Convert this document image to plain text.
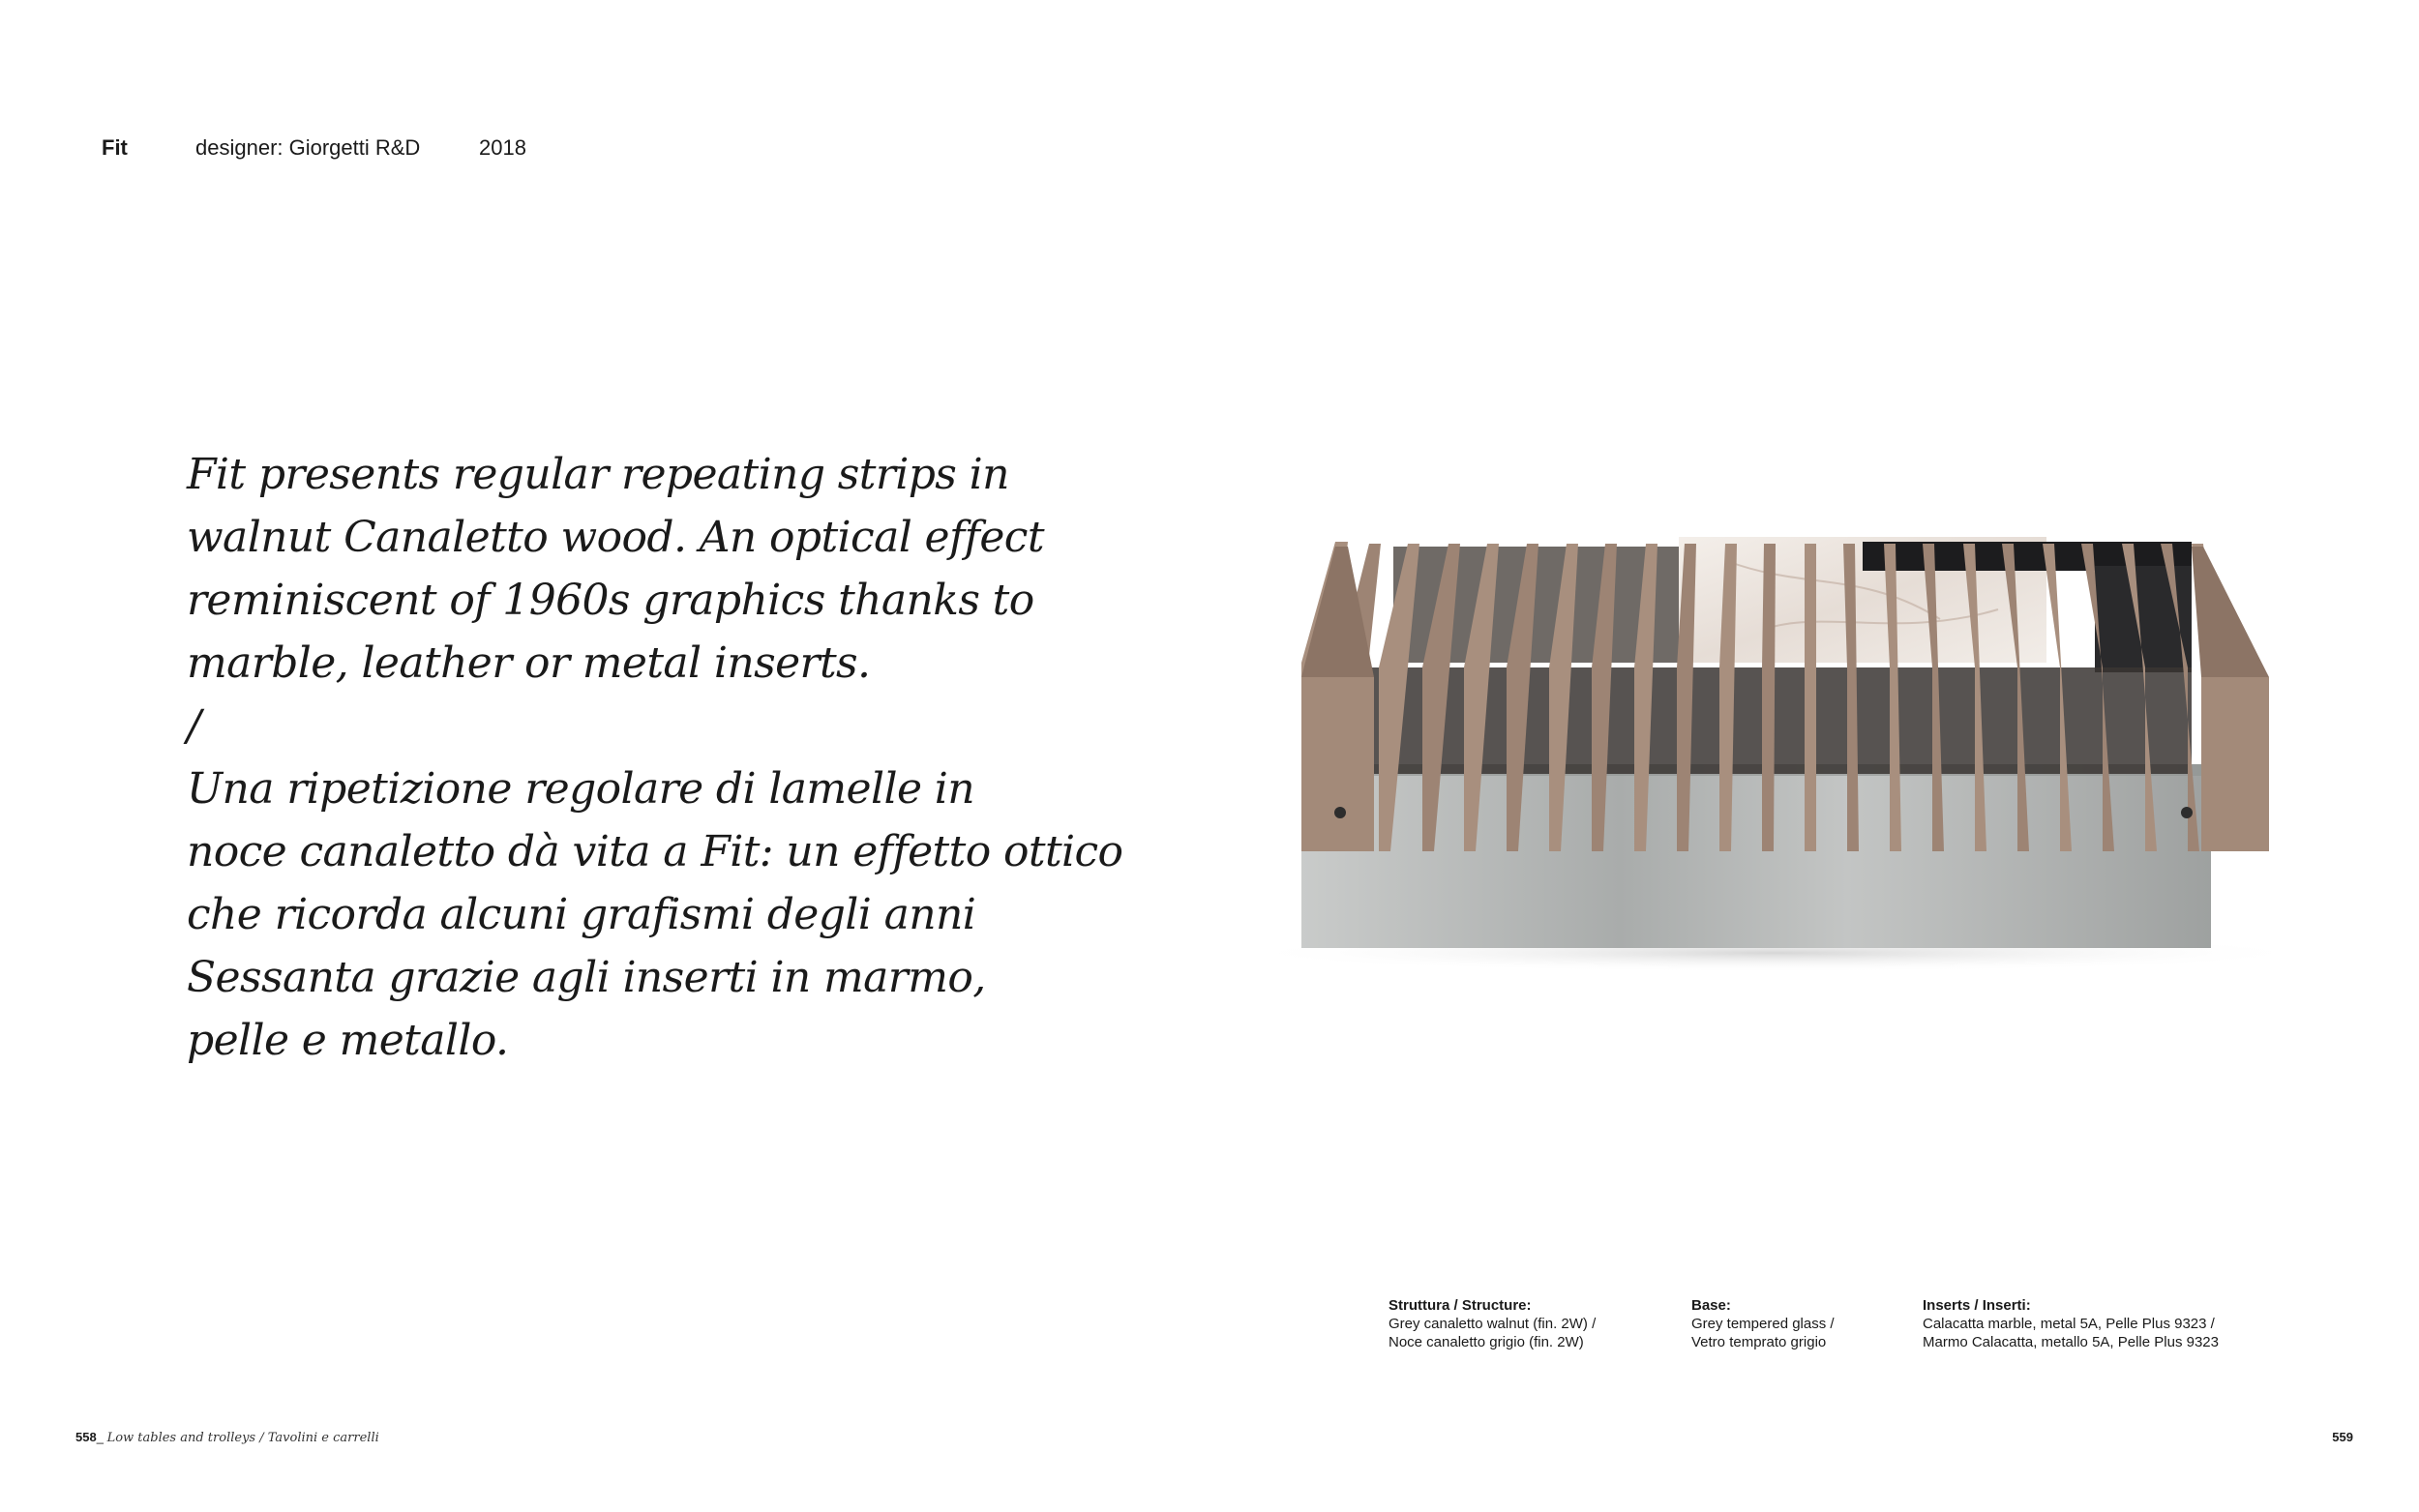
Fit	designer: Giorgetti R&D	2018
Fit presents regular repeating strips in
walnut Canaletto wood. An optical effect
reminiscent of 1960s graphics thanks to
marble, leather or metal inserts.
/
Una ripetizione regolare di lamelle in
noce canaletto dà vita a Fit: un effetto ottico
che ricorda alcuni grafismi degli anni
Sessanta grazie agli inserti in marmo,
pelle e metallo.
Struttura / Structure:
Grey canaletto walnut (fin. 2W) /
Noce canaletto grigio (fin. 2W)
Base:
Grey tempered glass /
Vetro temprato grigio
Inserts / Inserti:
Calacatta marble, metal 5A, Pelle Plus 9323 /
Marmo Calacatta, metallo 5A, Pelle Plus 9323
558_ Low tables and trolleys / Tavolini e carrelli	559
